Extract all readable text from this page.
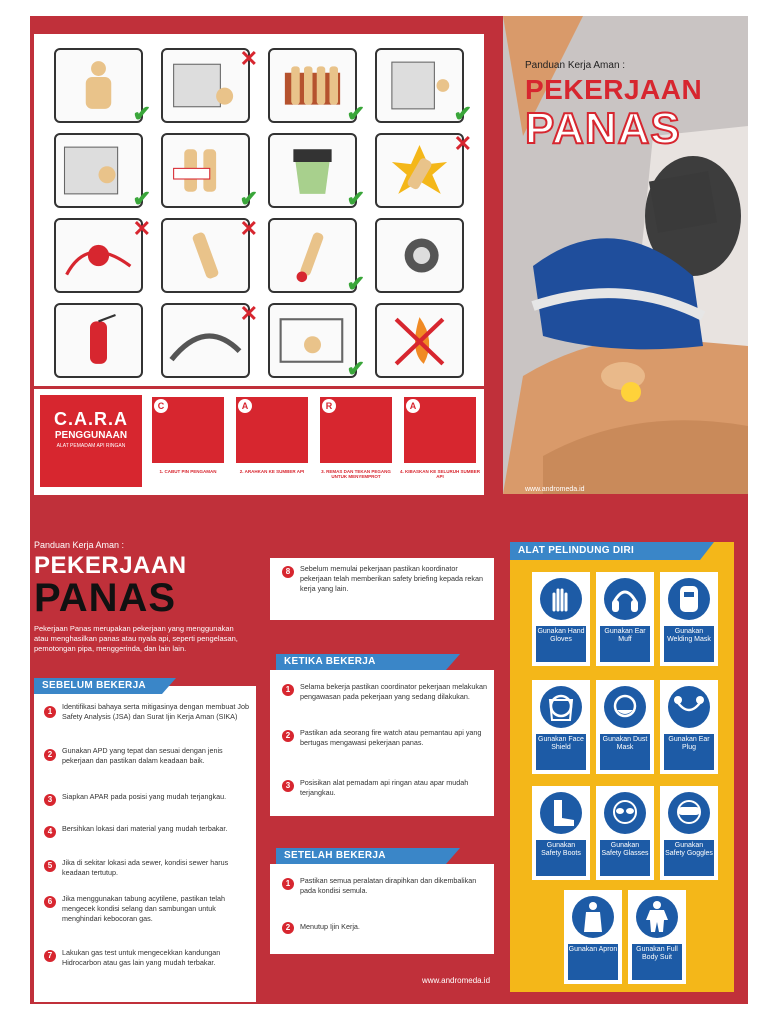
✔
✕
✔	✔
✔	✔	✔
✕
✕	✕
✔
✕
✔
C.A.R.A
PENGGUNAAN
ALAT PEMADAM API RINGAN
C
1. CABUT PIN PENGAMAN
A
2. ARAHKAN KE SUMBER API
R
3. REMAS DAN TEKAN PEGANG UNTUK MENYEMPROT
A
4. KIBASKAN KE SELURUH SUMBER API
Panduan Kerja Aman :
PEKERJAAN
PANAS
www.andromeda.id
Panduan Kerja Aman :
PEKERJAAN
PANAS
Pekerjaan Panas merupakan pekerjaan yang menggunakan atau menghasilkan panas atau nyala api, seperti pengelasan, pemotongan pipa, menggerinda, dan lain lain.
SEBELUM BEKERJA
1
Identifikasi bahaya serta mitigasinya dengan membuat Job Safety Analysis (JSA) dan Surat Ijin Kerja Aman (SIKA)
2	Gunakan APD yang tepat dan sesuai dengan jenis pekerjaan dan pastikan dalam keadaan baik.
3	Siapkan APAR pada posisi yang mudah terjangkau.
4	Bersihkan lokasi dari material yang mudah terbakar.
5	Jika di sekitar lokasi ada sewer, kondisi sewer harus keadaan tertutup.
6	Jika menggunakan tabung acytilene, pastikan telah mengecek kondisi selang dan sambungan untuk menghindari kebocoran gas.
7	Lakukan gas test untuk mengecekkan kandungan Hidrocarbon atau gas lain yang mudah terbakar.
8	Sebelum memulai pekerjaan pastikan koordinator pekerjaan telah memberikan safety briefing kepada rekan kerja yang lain.
KETIKA BEKERJA
1	Selama bekerja pastikan coordinator pekerjaan melakukan pengawasan pada pekerjaan yang sedang dilakukan.
2	Pastikan ada seorang fire watch atau pemantau api yang bertugas mengawasi pekerjaan panas.
3	Posisikan alat pemadam api ringan atau apar mudah terjangkau.
SETELAH BEKERJA
1	Pastikan semua peralatan dirapihkan dan dikembalikan pada kondisi semula.
2	Menutup Ijin Kerja.
www.andromeda.id
ALAT PELINDUNG DIRI
Gunakan Hand Gloves
Gunakan Ear Muff
Gunakan Welding Mask
Gunakan Face Shield
Gunakan Dust Mask
Gunakan Ear Plug
Gunakan Safety Boots
Gunakan Safety Glasses
Gunakan Safety Goggles
Gunakan Apron	Gunakan Full Body Suit
